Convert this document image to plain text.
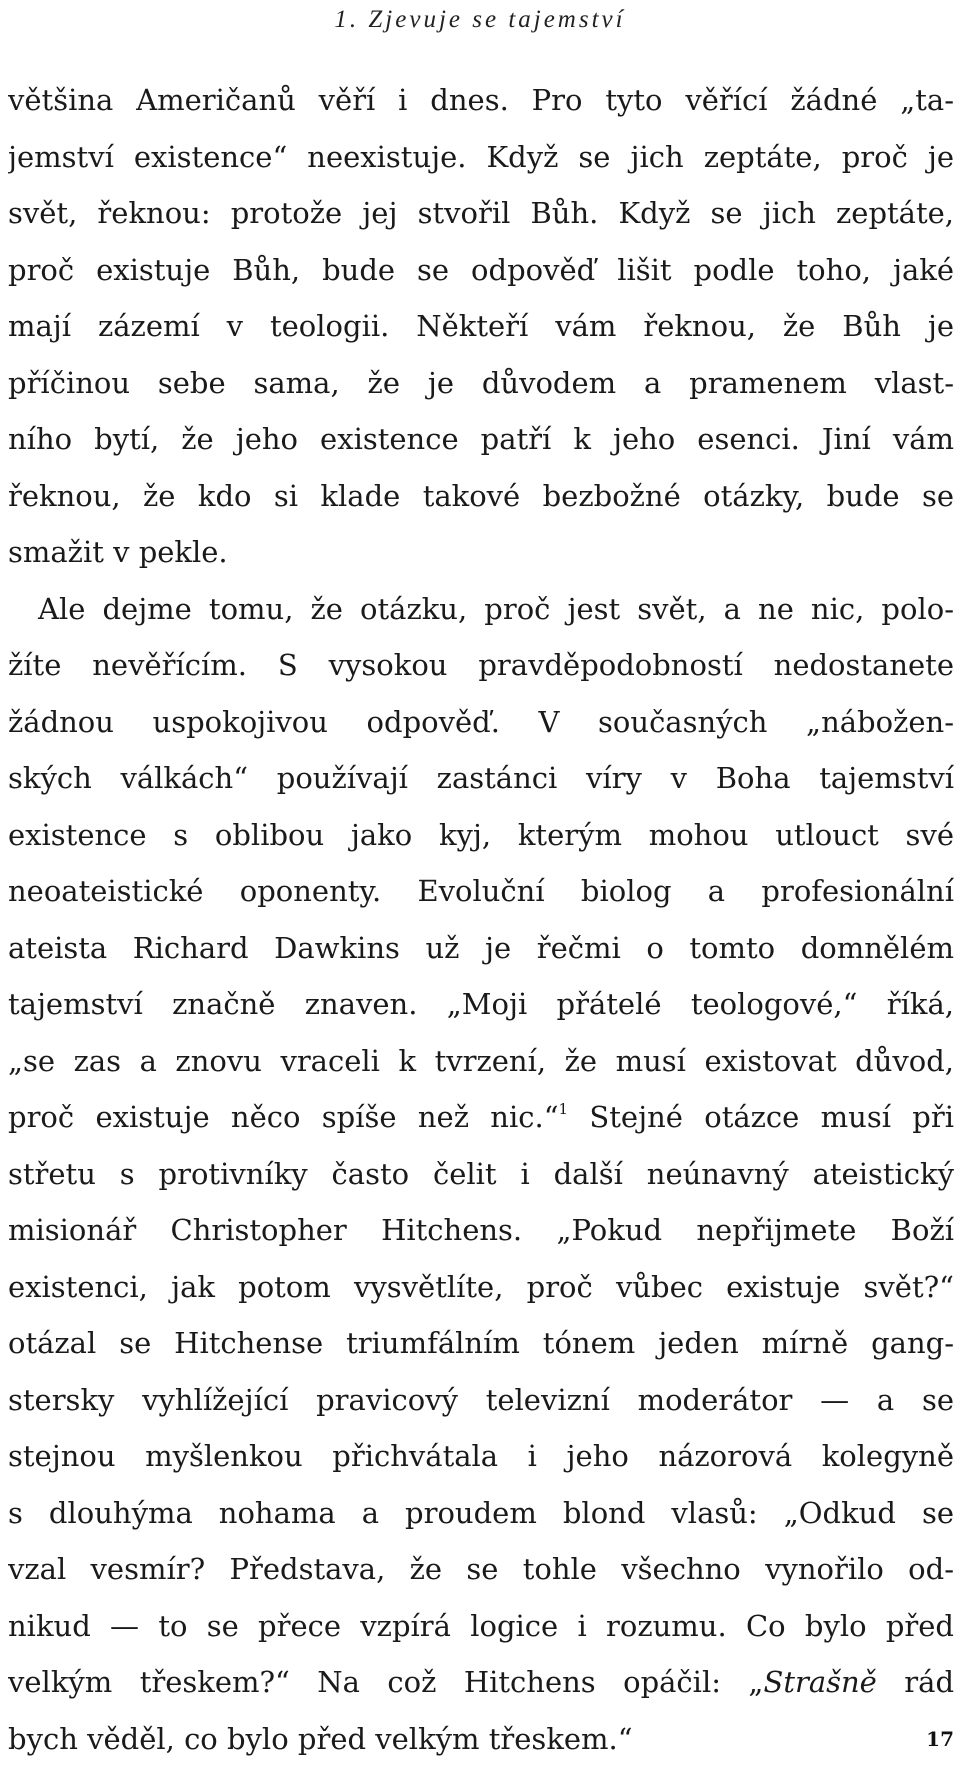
1. Zjevuje se tajemství
většina Američanů věří i dnes. Pro tyto věřící žádné „ta-
jemství existence“ neexistuje. Když se jich zeptáte, proč je
svět, řeknou: protože jej stvořil Bůh. Když se jich zeptáte,
proč existuje Bůh, bude se odpověď lišit podle toho, jaké
mají zázemí v teologii. Někteří vám řeknou, že Bůh je
příčinou sebe sama, že je důvodem a pramenem vlast-
ního bytí, že jeho existence patří k jeho esenci. Jiní vám
řeknou, že kdo si klade takové bezbožné otázky, bude se
smažit v pekle.
Ale dejme tomu, že otázku, proč jest svět, a ne nic, polo-
žíte nevěřícím. S vysokou pravděpodobností nedostanete
žádnou uspokojivou odpověď. V současných „nábožen-
ských válkách“ používají zastánci víry v Boha tajemství
existence s oblibou jako kyj, kterým mohou utlouct své
neoateistické oponenty. Evoluční biolog a profesionální
ateista Richard Dawkins už je řečmi o tomto domnělém
tajemství značně znaven. „Moji přátelé teologové,“ říká,
„se zas a znovu vraceli k tvrzení, že musí existovat důvod,
proč existuje něco spíše než nic.“$^1$ Stejné otázce musí při
střetu s protivníky často čelit i další neúnavný ateistický
misionář Christopher Hitchens. „Pokud nepřijmete Boží
existenci, jak potom vysvětlíte, proč vůbec existuje svět?“
otázal se Hitchense triumfálním tónem jeden mírně gang-
stersky vyhlížející pravicový televizní moderátor — a se
stejnou myšlenkou přichvátala i jeho názorová kolegyně
s dlouhýma nohama a proudem blond vlasů: „Odkud se
vzal vesmír? Představa, že se tohle všechno vynořilo od-
nikud — to se přece vzpírá logice i rozumu. Co bylo před
velkým třeskem?“ Na což Hitchens opáčil: „Strašně rád
bych věděl, co bylo před velkým třeskem.“	17
